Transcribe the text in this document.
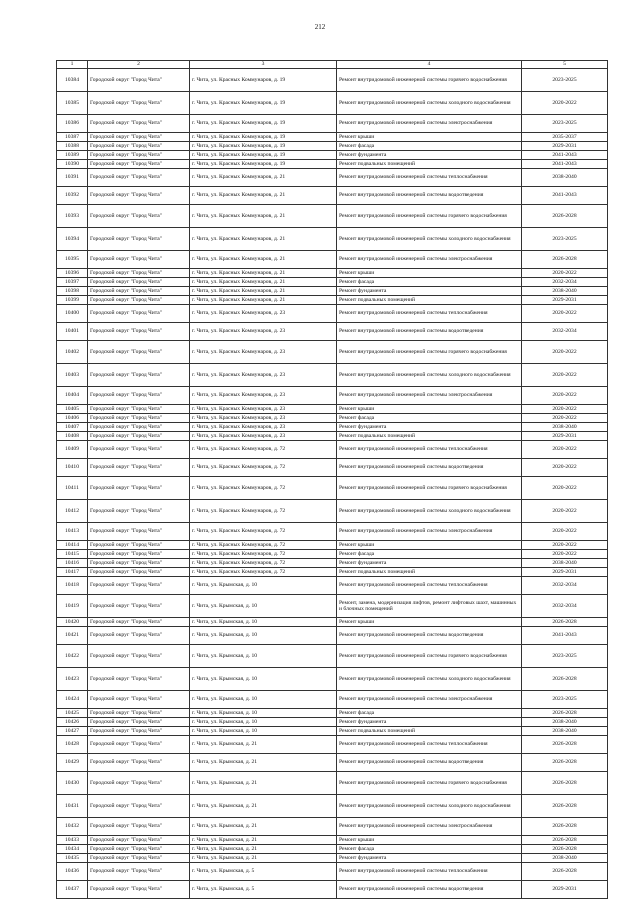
212
1	2	3	4	5
10384	Городской округ "Город Чита"	г. Чита, ул. Красных Коммунаров, д. 19	Ремонт внутридомовой инженерной системы горячего водоснабжения	2023-2025
10385	Городской округ "Город Чита"	г. Чита, ул. Красных Коммунаров, д. 19	Ремонт внутридомовой инженерной системы холодного водоснабжения	2020-2022
10386	Городской округ "Город Чита"	г. Чита, ул. Красных Коммунаров, д. 19	Ремонт внутридомовой инженерной системы электроснабжения	2023-2025
10387	Городской округ "Город Чита"	г. Чита, ул. Красных Коммунаров, д. 19	Ремонт крыши	2035-2037
10388	Городской округ "Город Чита"	г. Чита, ул. Красных Коммунаров, д. 19	Ремонт фасада	2029-2031
10389	Городской округ "Город Чита"	г. Чита, ул. Красных Коммунаров, д. 19	Ремонт фундамента	2041-2043
10390	Городской округ "Город Чита"	г. Чита, ул. Красных Коммунаров, д. 19	Ремонт подвальных помещений	2041-2043
10391	Городской округ "Город Чита"	г. Чита, ул. Красных Коммунаров, д. 21	Ремонт внутридомовой инженерной системы теплоснабжения	2038-2040
10392	Городской округ "Город Чита"	г. Чита, ул. Красных Коммунаров, д. 21	Ремонт внутридомовой инженерной системы водоотведения	2041-2043
10393	Городской округ "Город Чита"	г. Чита, ул. Красных Коммунаров, д. 21	Ремонт внутридомовой инженерной системы горячего водоснабжения	2026-2028
10394	Городской округ "Город Чита"	г. Чита, ул. Красных Коммунаров, д. 21	Ремонт внутридомовой инженерной системы холодного водоснабжения	2023-2025
10395	Городской округ "Город Чита"	г. Чита, ул. Красных Коммунаров, д. 21	Ремонт внутридомовой инженерной системы электроснабжения	2026-2028
10396	Городской округ "Город Чита"	г. Чита, ул. Красных Коммунаров, д. 21	Ремонт крыши	2020-2022
10397	Городской округ "Город Чита"	г. Чита, ул. Красных Коммунаров, д. 21	Ремонт фасада	2032-2034
10398	Городской округ "Город Чита"	г. Чита, ул. Красных Коммунаров, д. 21	Ремонт фундамента	2038-2040
10399	Городской округ "Город Чита"	г. Чита, ул. Красных Коммунаров, д. 21	Ремонт подвальных помещений	2029-2031
10400	Городской округ "Город Чита"	г. Чита, ул. Красных Коммунаров, д. 23	Ремонт внутридомовой инженерной системы теплоснабжения	2020-2022
10401	Городской округ "Город Чита"	г. Чита, ул. Красных Коммунаров, д. 23	Ремонт внутридомовой инженерной системы водоотведения	2032-2034
10402	Городской округ "Город Чита"	г. Чита, ул. Красных Коммунаров, д. 23	Ремонт внутридомовой инженерной системы горячего водоснабжения	2020-2022
10403	Городской округ "Город Чита"	г. Чита, ул. Красных Коммунаров, д. 23	Ремонт внутридомовой инженерной системы холодного водоснабжения	2020-2022
10404	Городской округ "Город Чита"	г. Чита, ул. Красных Коммунаров, д. 23	Ремонт внутридомовой инженерной системы электроснабжения	2020-2022
10405	Городской округ "Город Чита"	г. Чита, ул. Красных Коммунаров, д. 23	Ремонт крыши	2020-2022
10406	Городской округ "Город Чита"	г. Чита, ул. Красных Коммунаров, д. 23	Ремонт фасада	2020-2022
10407	Городской округ "Город Чита"	г. Чита, ул. Красных Коммунаров, д. 23	Ремонт фундамента	2038-2040
10408	Городской округ "Город Чита"	г. Чита, ул. Красных Коммунаров, д. 23	Ремонт подвальных помещений	2029-2031
10409	Городской округ "Город Чита"	г. Чита, ул. Красных Коммунаров, д. 72	Ремонт внутридомовой инженерной системы теплоснабжения	2020-2022
10410	Городской округ "Город Чита"	г. Чита, ул. Красных Коммунаров, д. 72	Ремонт внутридомовой инженерной системы водоотведения	2020-2022
10411	Городской округ "Город Чита"	г. Чита, ул. Красных Коммунаров, д. 72	Ремонт внутридомовой инженерной системы горячего водоснабжения	2020-2022
10412	Городской округ "Город Чита"	г. Чита, ул. Красных Коммунаров, д. 72	Ремонт внутридомовой инженерной системы холодного водоснабжения	2020-2022
10413	Городской округ "Город Чита"	г. Чита, ул. Красных Коммунаров, д. 72	Ремонт внутридомовой инженерной системы электроснабжения	2020-2022
10414	Городской округ "Город Чита"	г. Чита, ул. Красных Коммунаров, д. 72	Ремонт крыши	2020-2022
10415	Городской округ "Город Чита"	г. Чита, ул. Красных Коммунаров, д. 72	Ремонт фасада	2020-2022
10416	Городской округ "Город Чита"	г. Чита, ул. Красных Коммунаров, д. 72	Ремонт фундамента	2038-2040
10417	Городской округ "Город Чита"	г. Чита, ул. Красных Коммунаров, д. 72	Ремонт подвальных помещений	2029-2031
10418	Городской округ "Город Чита"	г. Чита, ул. Крымская, д. 10	Ремонт внутридомовой инженерной системы теплоснабжения	2032-2034
10419	Городской округ "Город Чита"	г. Чита, ул. Крымская, д. 10	Ремонт, замена, модернизация лифтов, ремонт лифтовых шахт, машинных и блочных помещений	2032-2034
10420	Городской округ "Город Чита"	г. Чита, ул. Крымская, д. 10	Ремонт крыши	2026-2028
10421	Городской округ "Город Чита"	г. Чита, ул. Крымская, д. 10	Ремонт внутридомовой инженерной системы водоотведения	2041-2043
10422	Городской округ "Город Чита"	г. Чита, ул. Крымская, д. 10	Ремонт внутридомовой инженерной системы горячего водоснабжения	2023-2025
10423	Городской округ "Город Чита"	г. Чита, ул. Крымская, д. 10	Ремонт внутридомовой инженерной системы холодного водоснабжения	2026-2028
10424	Городской округ "Город Чита"	г. Чита, ул. Крымская, д. 10	Ремонт внутридомовой инженерной системы электроснабжения	2023-2025
10425	Городской округ "Город Чита"	г. Чита, ул. Крымская, д. 10	Ремонт фасада	2026-2028
10426	Городской округ "Город Чита"	г. Чита, ул. Крымская, д. 10	Ремонт фундамента	2038-2040
10427	Городской округ "Город Чита"	г. Чита, ул. Крымская, д. 10	Ремонт подвальных помещений	2038-2040
10428	Городской округ "Город Чита"	г. Чита, ул. Крымская, д. 21	Ремонт внутридомовой инженерной системы теплоснабжения	2026-2028
10429	Городской округ "Город Чита"	г. Чита, ул. Крымская, д. 21	Ремонт внутридомовой инженерной системы водоотведения	2026-2028
10430	Городской округ "Город Чита"	г. Чита, ул. Крымская, д. 21	Ремонт внутридомовой инженерной системы горячего водоснабжения	2026-2028
10431	Городской округ "Город Чита"	г. Чита, ул. Крымская, д. 21	Ремонт внутридомовой инженерной системы холодного водоснабжения	2026-2028
10432	Городской округ "Город Чита"	г. Чита, ул. Крымская, д. 21	Ремонт внутридомовой инженерной системы электроснабжения	2026-2028
10433	Городской округ "Город Чита"	г. Чита, ул. Крымская, д. 21	Ремонт крыши	2026-2028
10434	Городской округ "Город Чита"	г. Чита, ул. Крымская, д. 21	Ремонт фасада	2026-2028
10435	Городской округ "Город Чита"	г. Чита, ул. Крымская, д. 21	Ремонт фундамента	2038-2040
10436	Городской округ "Город Чита"	г. Чита, ул. Крымская, д. 5	Ремонт внутридомовой инженерной системы теплоснабжения	2026-2028
10437	Городской округ "Город Чита"	г. Чита, ул. Крымская, д. 5	Ремонт внутридомовой инженерной системы водоотведения	2029-2031
